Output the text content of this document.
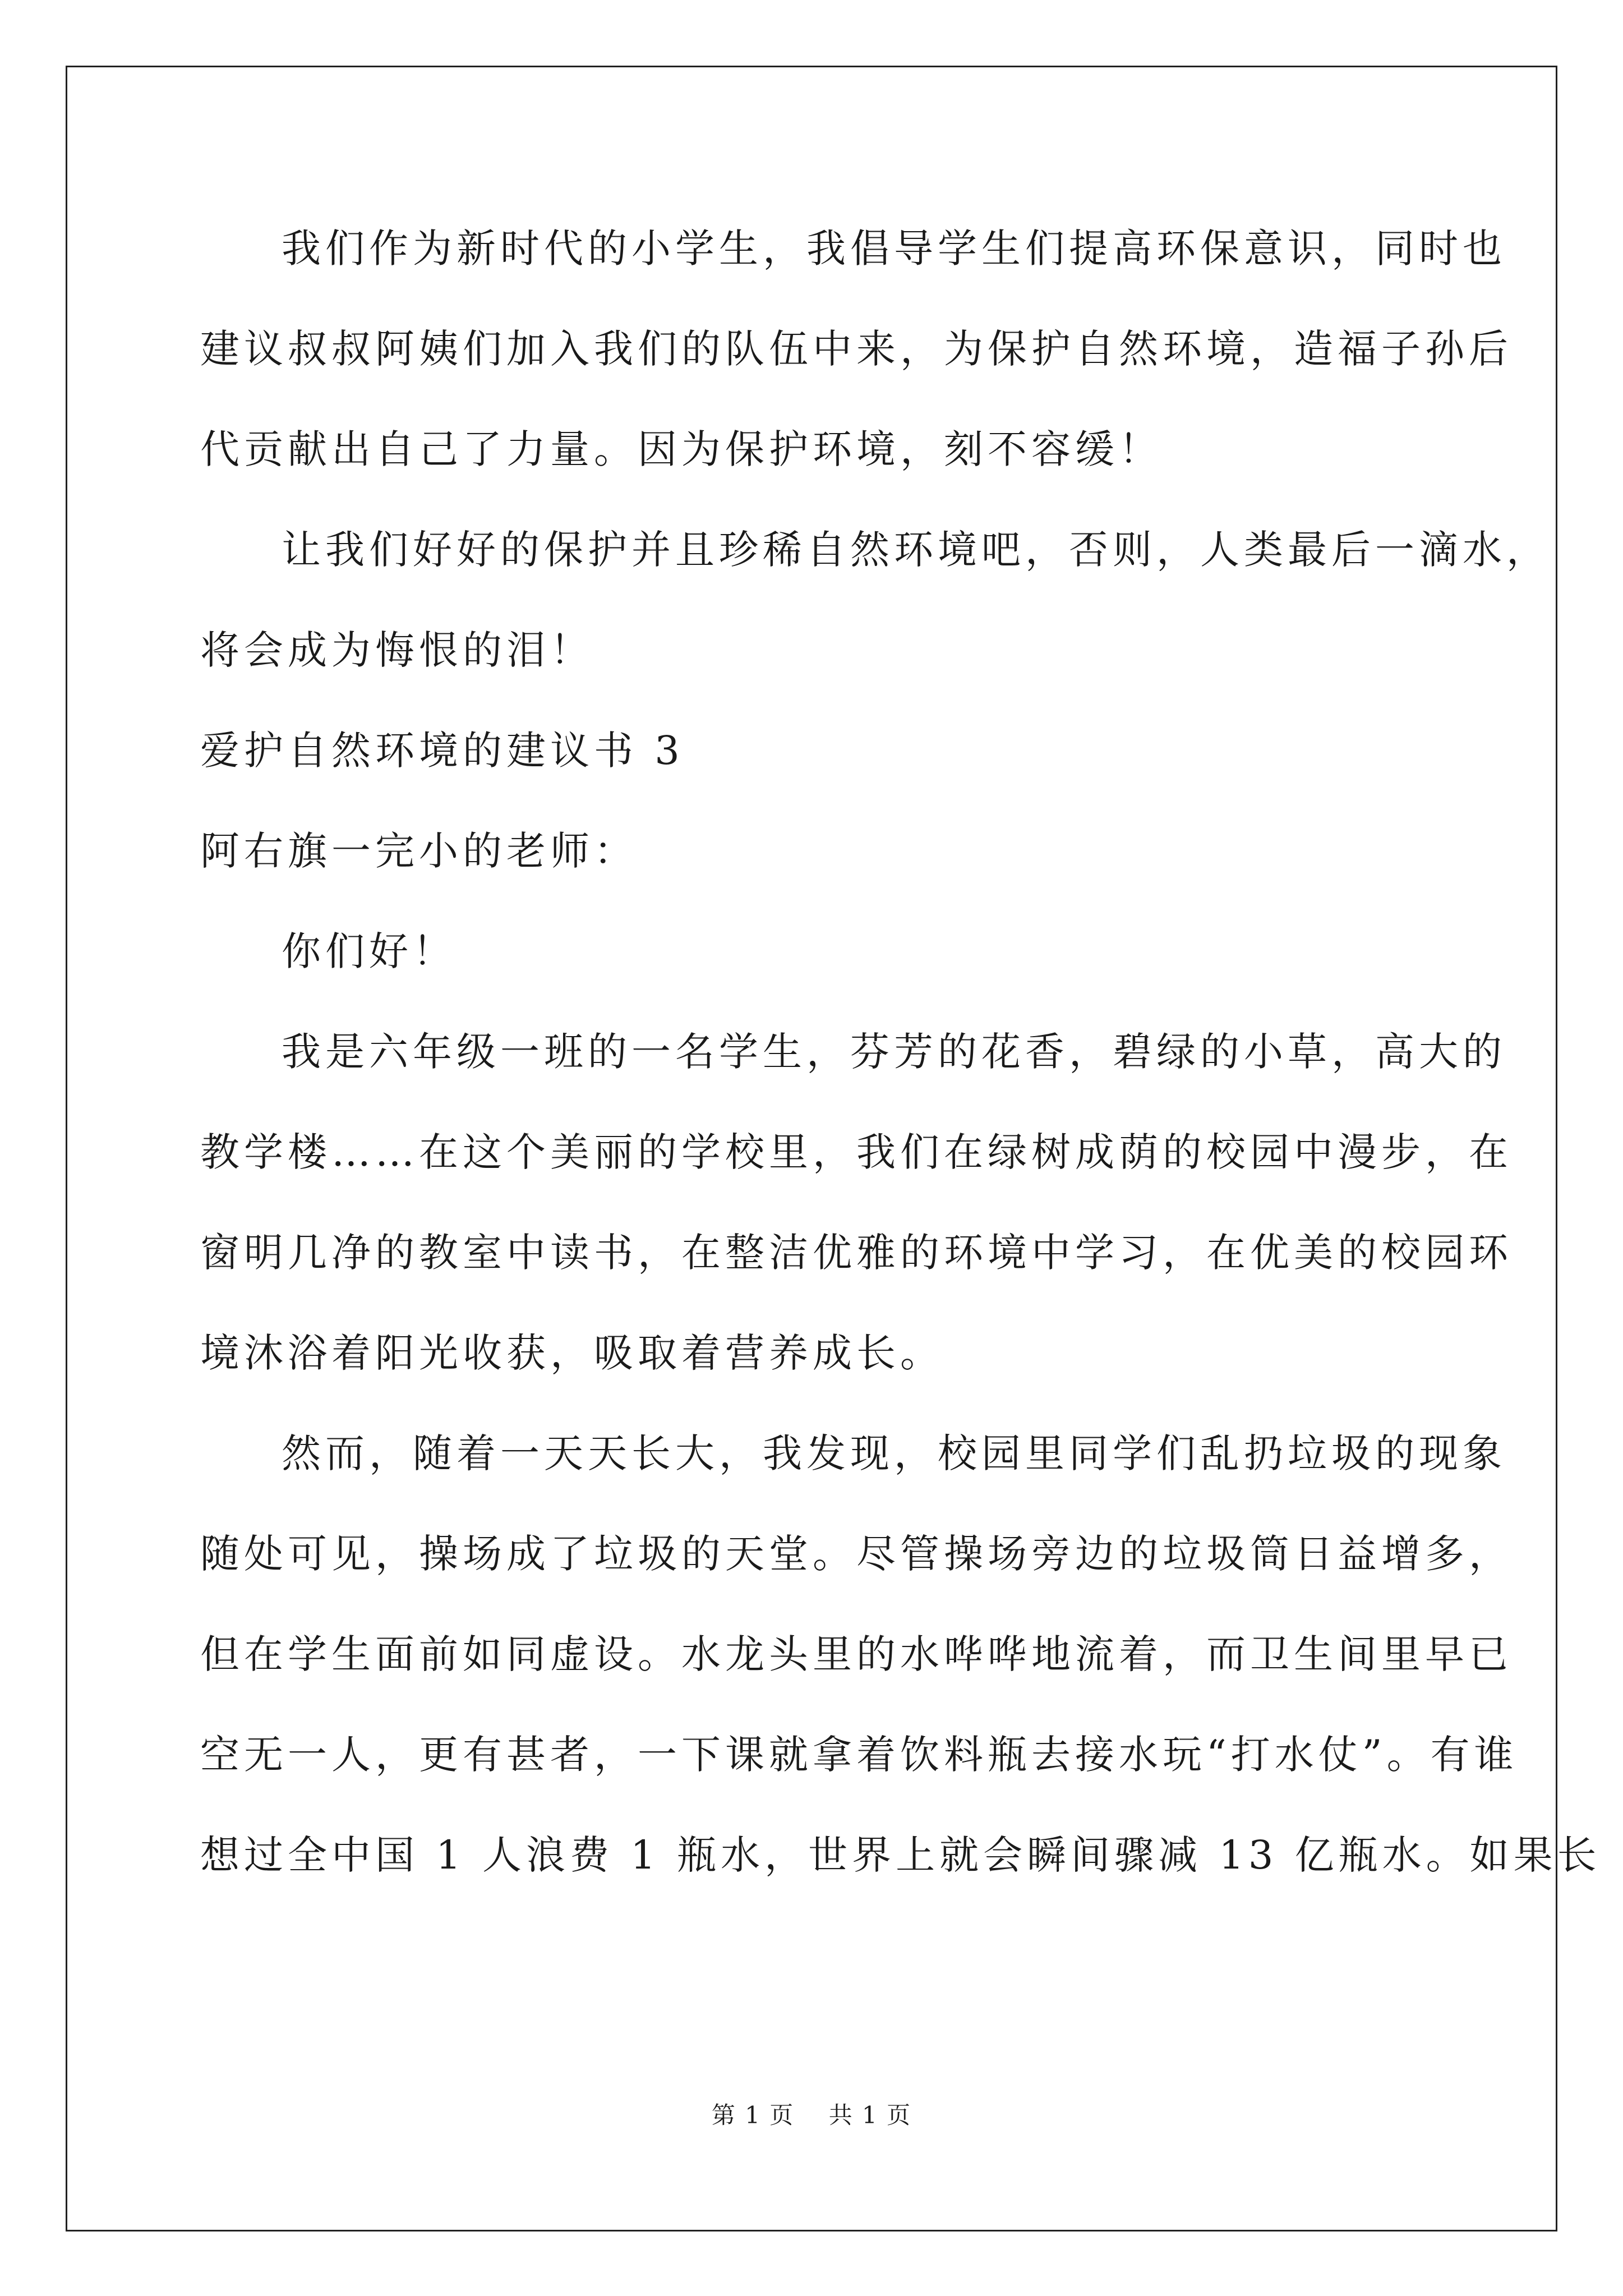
我们作为新时代的小学生，我倡导学生们提高环保意识，同时也
建议叔叔阿姨们加入我们的队伍中来，为保护自然环境，造福子孙后
代贡献出自己了力量。因为保护环境，刻不容缓！
让我们好好的保护并且珍稀自然环境吧，否则，人类最后一滴水，
将会成为悔恨的泪！
爱护自然环境的建议书 3
阿右旗一完小的老师：
你们好！
我是六年级一班的一名学生，芬芳的花香，碧绿的小草，高大的
教学楼……在这个美丽的学校里，我们在绿树成荫的校园中漫步，在
窗明几净的教室中读书，在整洁优雅的环境中学习，在优美的校园环
境沐浴着阳光收获，吸取着营养成长。
然而，随着一天天长大，我发现，校园里同学们乱扔垃圾的现象
随处可见，操场成了垃圾的天堂。尽管操场旁边的垃圾筒日益增多，
但在学生面前如同虚设。水龙头里的水哗哗地流着，而卫生间里早已
空无一人，更有甚者，一下课就拿着饮料瓶去接水玩“打水仗”。有谁
想过全中国 1 人浪费 1 瓶水，世界上就会瞬间骤减 13 亿瓶水。如果长
第 1 页    共 1 页
